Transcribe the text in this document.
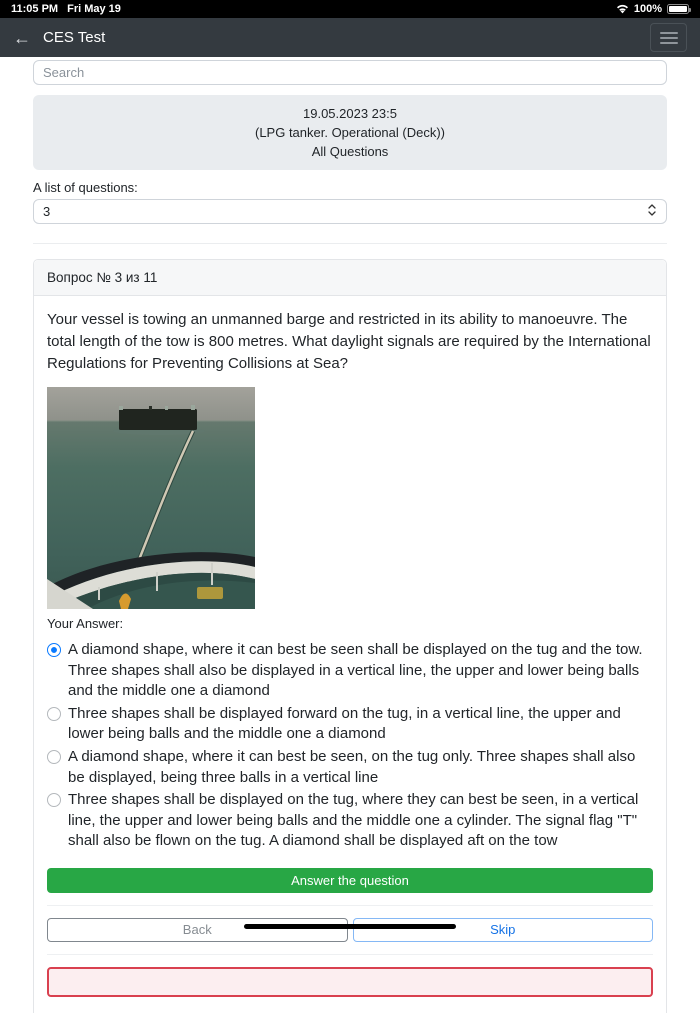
11:05 PM Fri May 19	100%
← CES Test
Search
19.05.2023 23:5
(LPG tanker. Operational (Deck))
All Questions
A list of questions:
3
Вопрос № 3 из 11

Your vessel is towing an unmanned barge and restricted in its ability to manoeuvre. The total length of the tow is 800 metres. What daylight signals are required by the International Regulations for Preventing Collisions at Sea?

Your Answer:
A diamond shape, where it can best be seen shall be displayed on the tug and the tow. Three shapes shall also be displayed in a vertical line, the upper and lower being balls and the middle one a diamond
Three shapes shall be displayed forward on the tug, in a vertical line, the upper and lower being balls and the middle one a diamond
A diamond shape, where it can best be seen, on the tug only. Three shapes shall also be displayed, being three balls in a vertical line
Three shapes shall be displayed on the tug, where they can best be seen, in a vertical line, the upper and lower being balls and the middle one a cylinder. The signal flag "T" shall also be flown on the tug. A diamond shall be displayed aft on the tow
Answer the question
Back	Skip
